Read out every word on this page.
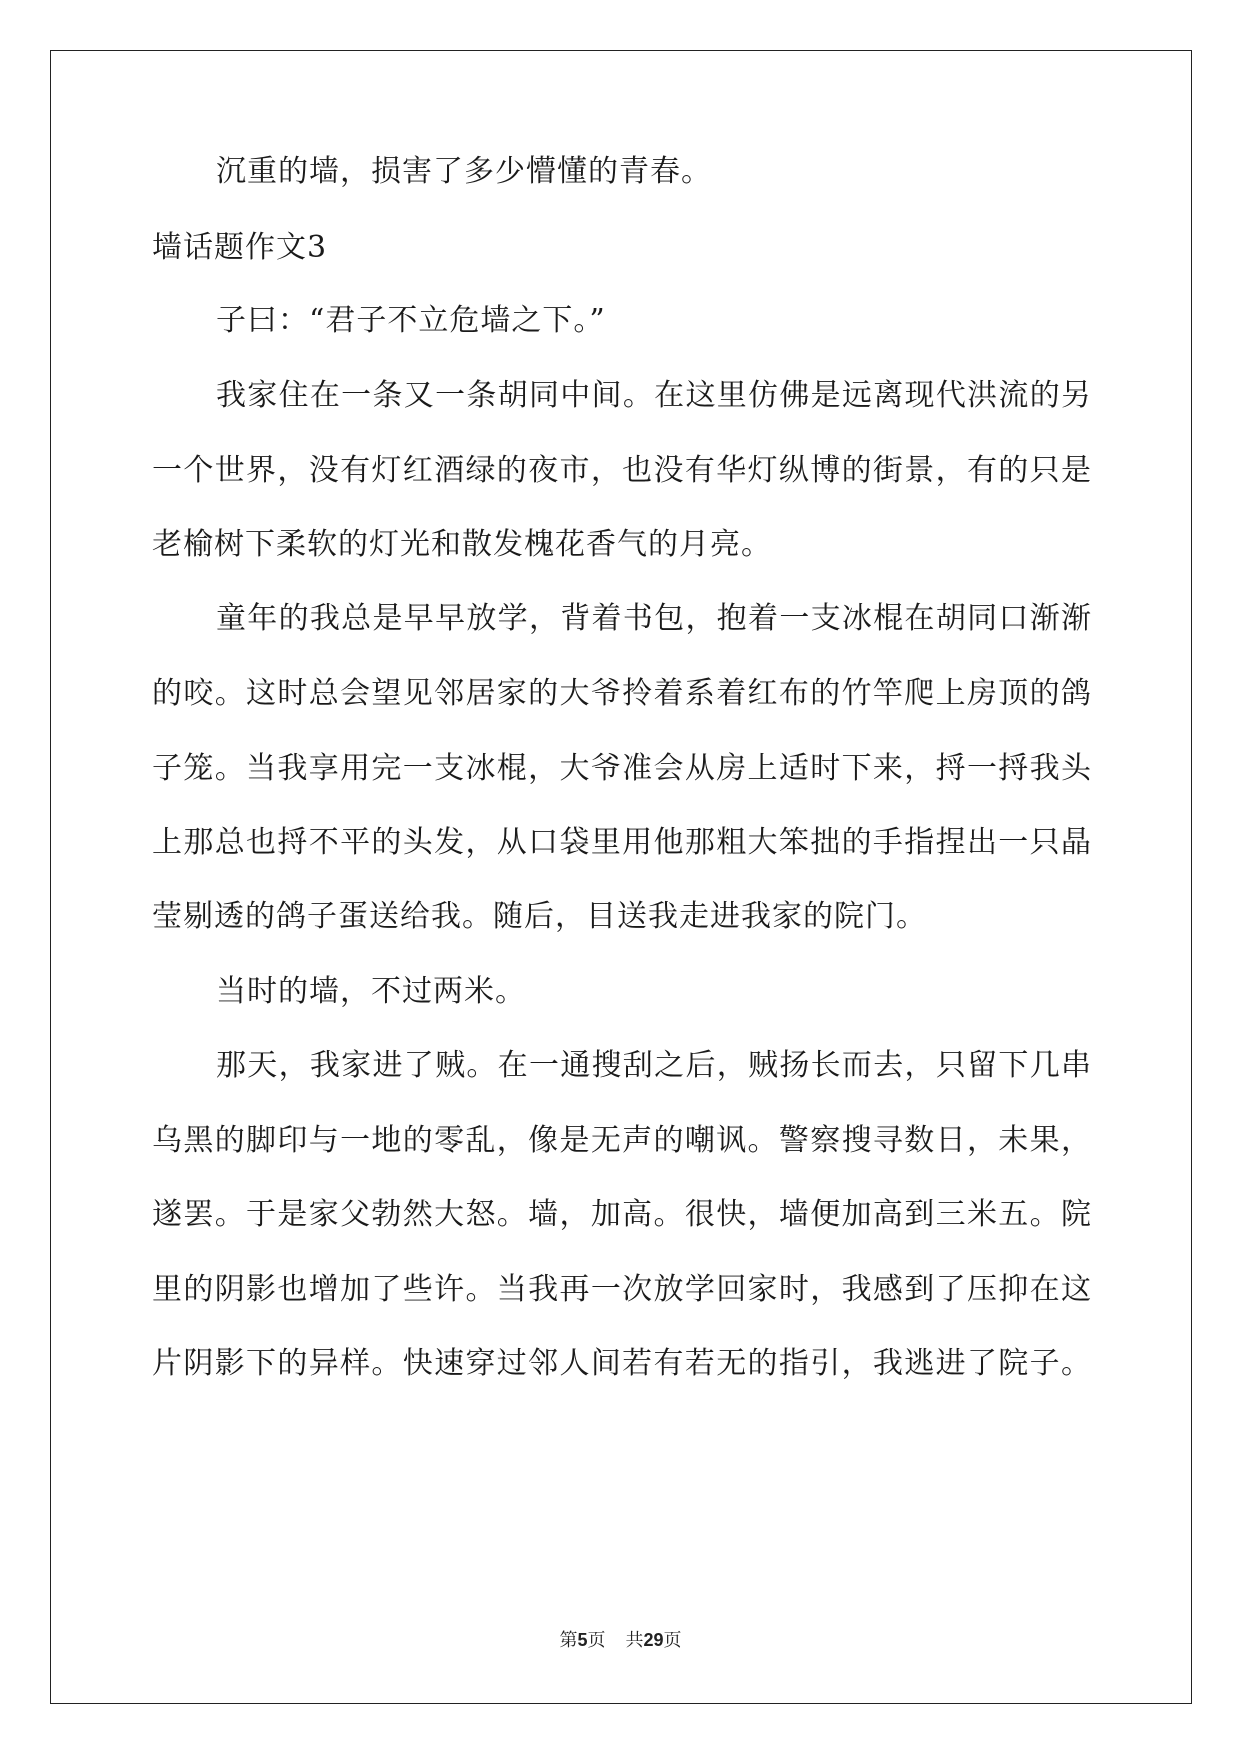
沉重的墙，损害了多少懵懂的青春。
墙话题作文3
子曰：“君子不立危墙之下。”
我家住在一条又一条胡同中间。在这里仿佛是远离现代洪流的另
一个世界，没有灯红酒绿的夜市，也没有华灯纵博的街景，有的只是
老榆树下柔软的灯光和散发槐花香气的月亮。
童年的我总是早早放学，背着书包，抱着一支冰棍在胡同口渐渐
的咬。这时总会望见邻居家的大爷拎着系着红布的竹竿爬上房顶的鸽
子笼。当我享用完一支冰棍，大爷准会从房上适时下来，捋一捋我头
上那总也捋不平的头发，从口袋里用他那粗大笨拙的手指捏出一只晶
莹剔透的鸽子蛋送给我。随后，目送我走进我家的院门。
当时的墙，不过两米。
那天，我家进了贼。在一通搜刮之后，贼扬长而去，只留下几串
乌黑的脚印与一地的零乱，像是无声的嘲讽。警察搜寻数日，未果，
遂罢。于是家父勃然大怒。墙，加高。很快，墙便加高到三米五。院
里的阴影也增加了些许。当我再一次放学回家时，我感到了压抑在这
片阴影下的异样。快速穿过邻人间若有若无的指引，我逃进了院子。
第5页 共29页
